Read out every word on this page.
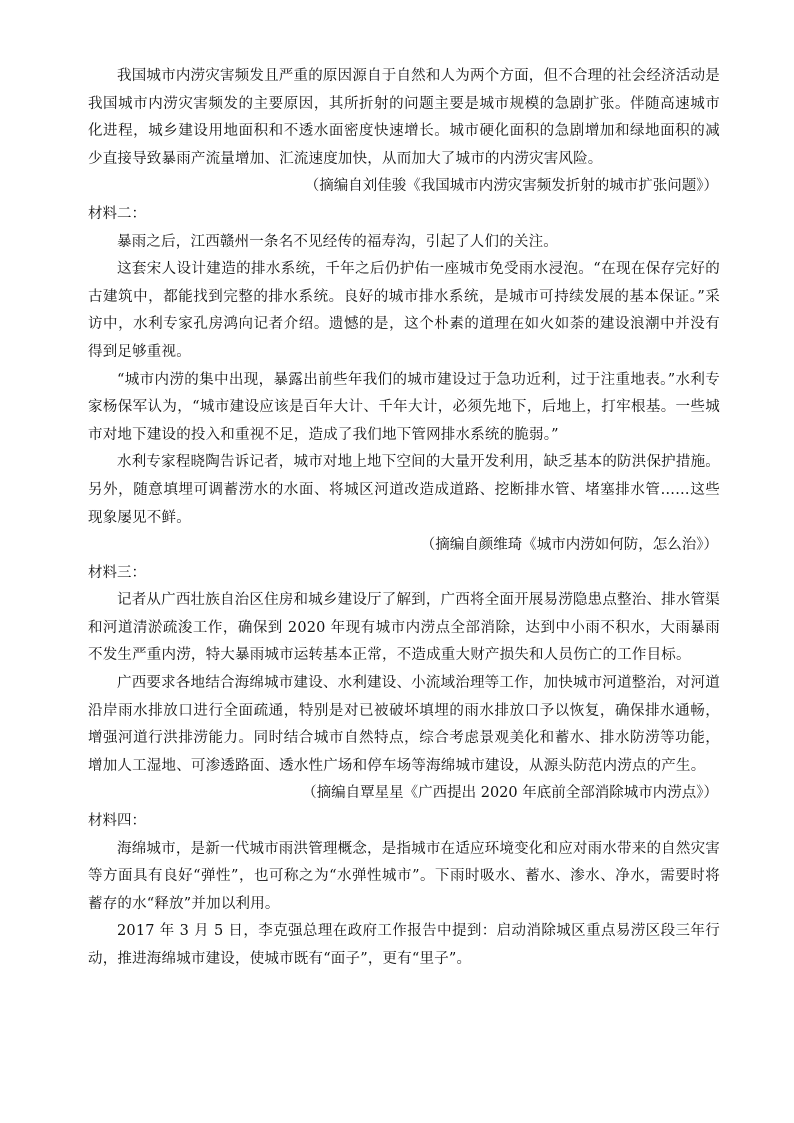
我国城市内涝灾害频发且严重的原因源自于自然和人为两个方面，但不合理的社会经济活动是我国城市内涝灾害频发的主要原因，其所折射的问题主要是城市规模的急剧扩张。伴随高速城市化进程，城乡建设用地面积和不透水面密度快速增长。城市硬化面积的急剧增加和绿地面积的减少直接导致暴雨产流量增加、汇流速度加快，从而加大了城市的内涝灾害风险。

（摘编自刘佳骏《我国城市内涝灾害频发折射的城市扩张问题》）

材料二：

暴雨之后，江西赣州一条名不见经传的福寿沟，引起了人们的关注。

这套宋人设计建造的排水系统，千年之后仍护佑一座城市免受雨水浸泡。“在现在保存完好的古建筑中，都能找到完整的排水系统。良好的城市排水系统，是城市可持续发展的基本保证。”采访中，水利专家孔房鸿向记者介绍。遗憾的是，这个朴素的道理在如火如荼的建设浪潮中并没有得到足够重视。

“城市内涝的集中出现，暴露出前些年我们的城市建设过于急功近利，过于注重地表。”水利专家杨保军认为，“城市建设应该是百年大计、千年大计，必须先地下，后地上，打牢根基。一些城市对地下建设的投入和重视不足，造成了我们地下管网排水系统的脆弱。”

水利专家程晓陶告诉记者，城市对地上地下空间的大量开发利用，缺乏基本的防洪保护措施。另外，随意填埋可调蓄涝水的水面、将城区河道改造成道路、挖断排水管、堵塞排水管……这些现象屡见不鲜。

（摘编自颜维琦《城市内涝如何防，怎么治》）

材料三：

记者从广西壮族自治区住房和城乡建设厅了解到，广西将全面开展易涝隐患点整治、排水管渠和河道清淤疏浚工作，确保到 2020 年现有城市内涝点全部消除，达到中小雨不积水，大雨暴雨不发生严重内涝，特大暴雨城市运转基本正常，不造成重大财产损失和人员伤亡的工作目标。

广西要求各地结合海绵城市建设、水利建设、小流域治理等工作，加快城市河道整治，对河道沿岸雨水排放口进行全面疏通，特别是对已被破坏填埋的雨水排放口予以恢复，确保排水通畅，增强河道行洪排涝能力。同时结合城市自然特点，综合考虑景观美化和蓄水、排水防涝等功能，增加人工湿地、可渗透路面、透水性广场和停车场等海绵城市建设，从源头防范内涝点的产生。

（摘编自覃星星《广西提出 2020 年底前全部消除城市内涝点》）

材料四：

海绵城市，是新一代城市雨洪管理概念，是指城市在适应环境变化和应对雨水带来的自然灾害等方面具有良好“弹性”，也可称之为“水弹性城市”。下雨时吸水、蓄水、渗水、净水，需要时将蓄存的水“释放”并加以利用。

2017 年 3 月 5 日，李克强总理在政府工作报告中提到：启动消除城区重点易涝区段三年行动，推进海绵城市建设，使城市既有“面子”，更有“里子”。
